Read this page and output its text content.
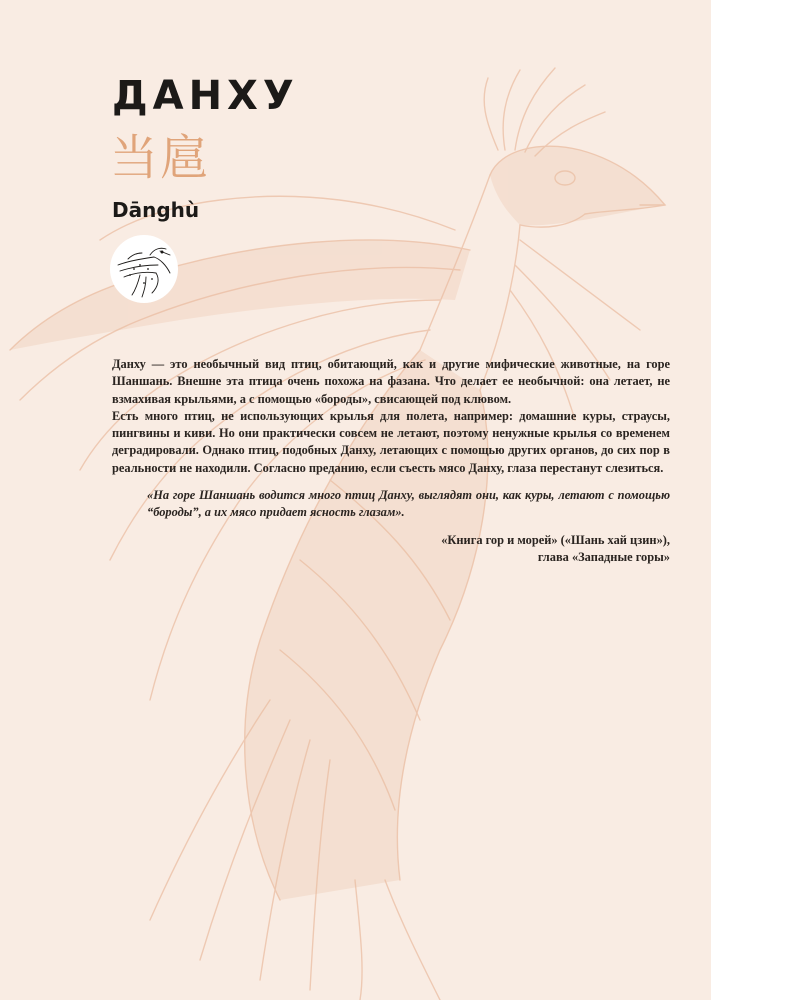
ДАНХУ
当扈
Dānghù

Данху — это необычный вид птиц, обитающий, как и другие мифические животные, на горе Шаншань. Внешне эта птица очень похожа на фазана. Что делает ее необычной: она летает, не взмахивая крыльями, а с помощью «бороды», свисающей под клювом.

Есть много птиц, не использующих крылья для полета, например: домашние куры, страусы, пингвины и киви. Но они практически совсем не летают, поэтому ненужные крылья со временем деградировали. Однако птиц, подобных Данху, летающих с помощью других органов, до сих пор в реальности не находили. Согласно преданию, если съесть мясо Данху, глаза перестанут слезиться.

«На горе Шаншань водится много птиц Данху, выглядят они, как куры, летают с помощью “бороды”, а их мясо придает ясность глазам».

«Книга гор и морей» («Шань хай цзин»),
глава «Западные горы»
